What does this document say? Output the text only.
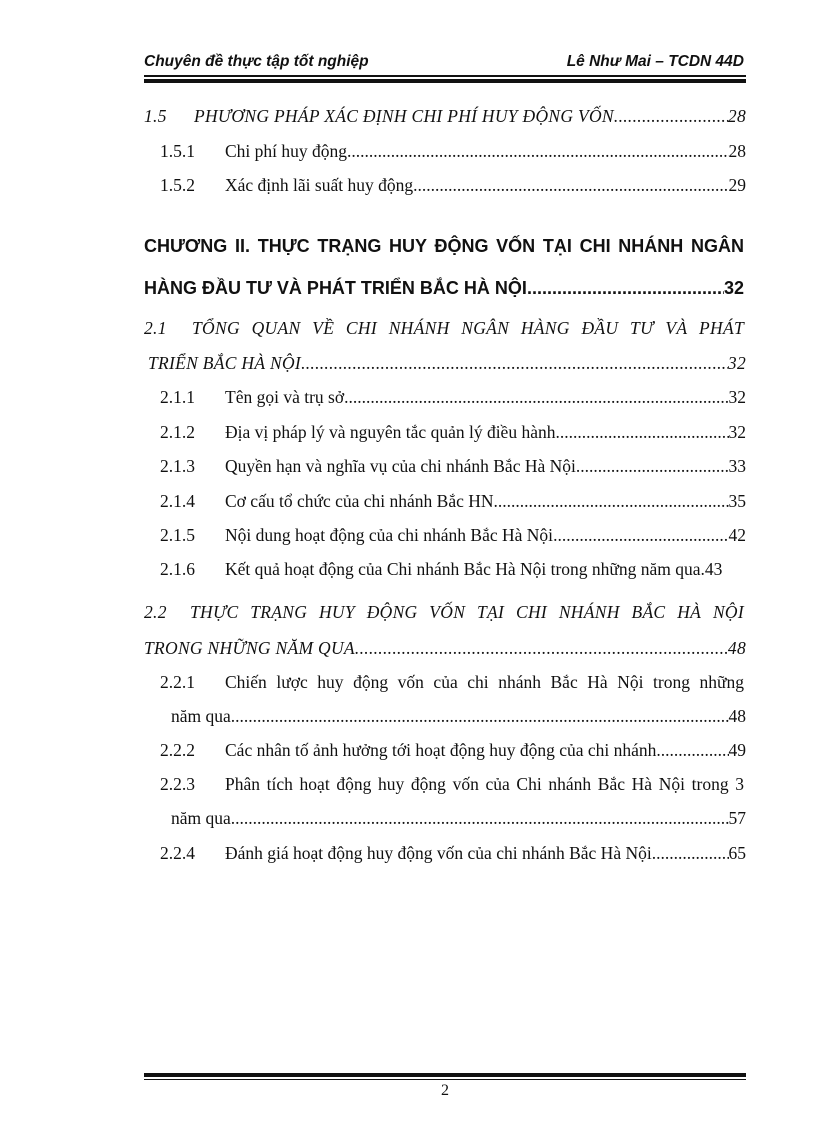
Chuyên đề thực tập tốt nghiệp	Lê Như Mai – TCDN 44D
1.5 PHƯƠNG PHÁP XÁC ĐỊNH CHI PHÍ HUY ĐỘNG VỐN .....	28
1.5.1 Chi phí huy động .....	28
1.5.2 Xác định lãi suất huy động .....	29
CHƯƠNG II. THỰC TRẠNG HUY ĐỘNG VỐN TẠI CHI NHÁNH NGÂN
HÀNG ĐẦU TƯ VÀ PHÁT TRIỂN BẮC HÀ NỘI .....	32
2.1 TỔNG QUAN VỀ CHI NHÁNH NGÂN HÀNG ĐẦU TƯ VÀ PHÁT
TRIỂN BẮC HÀ NỘI .....	32
2.1.1 Tên gọi và trụ sở .....	32
2.1.2 Địa vị pháp lý và nguyên tắc quản lý điều hành. .....	32
2.1.3 Quyền hạn và nghĩa vụ của chi nhánh Bắc Hà Nội. .....	33
2.1.4 Cơ cấu tổ chức của chi nhánh Bắc HN .....	35
2.1.5 Nội dung hoạt động của chi nhánh Bắc Hà Nội .....	42
2.1.6 Kết quả hoạt động của Chi nhánh Bắc Hà Nội trong những năm qua.43
2.2 THỰC TRẠNG HUY ĐỘNG VỐN TẠI CHI NHÁNH BẮC HÀ NỘI
TRONG NHỮNG NĂM QUA .....	48
2.2.1 Chiến lược huy động vốn của chi nhánh Bắc Hà Nội trong những
năm qua .....	48
2.2.2 Các nhân tố ảnh hưởng tới hoạt động huy động của chi nhánh. .....	49
2.2.3 Phân tích hoạt động huy động vốn của Chi nhánh Bắc Hà Nội trong 3
năm qua .....	57
2.2.4 Đánh giá hoạt động huy động vốn của chi nhánh Bắc Hà Nội. .....	65
2
